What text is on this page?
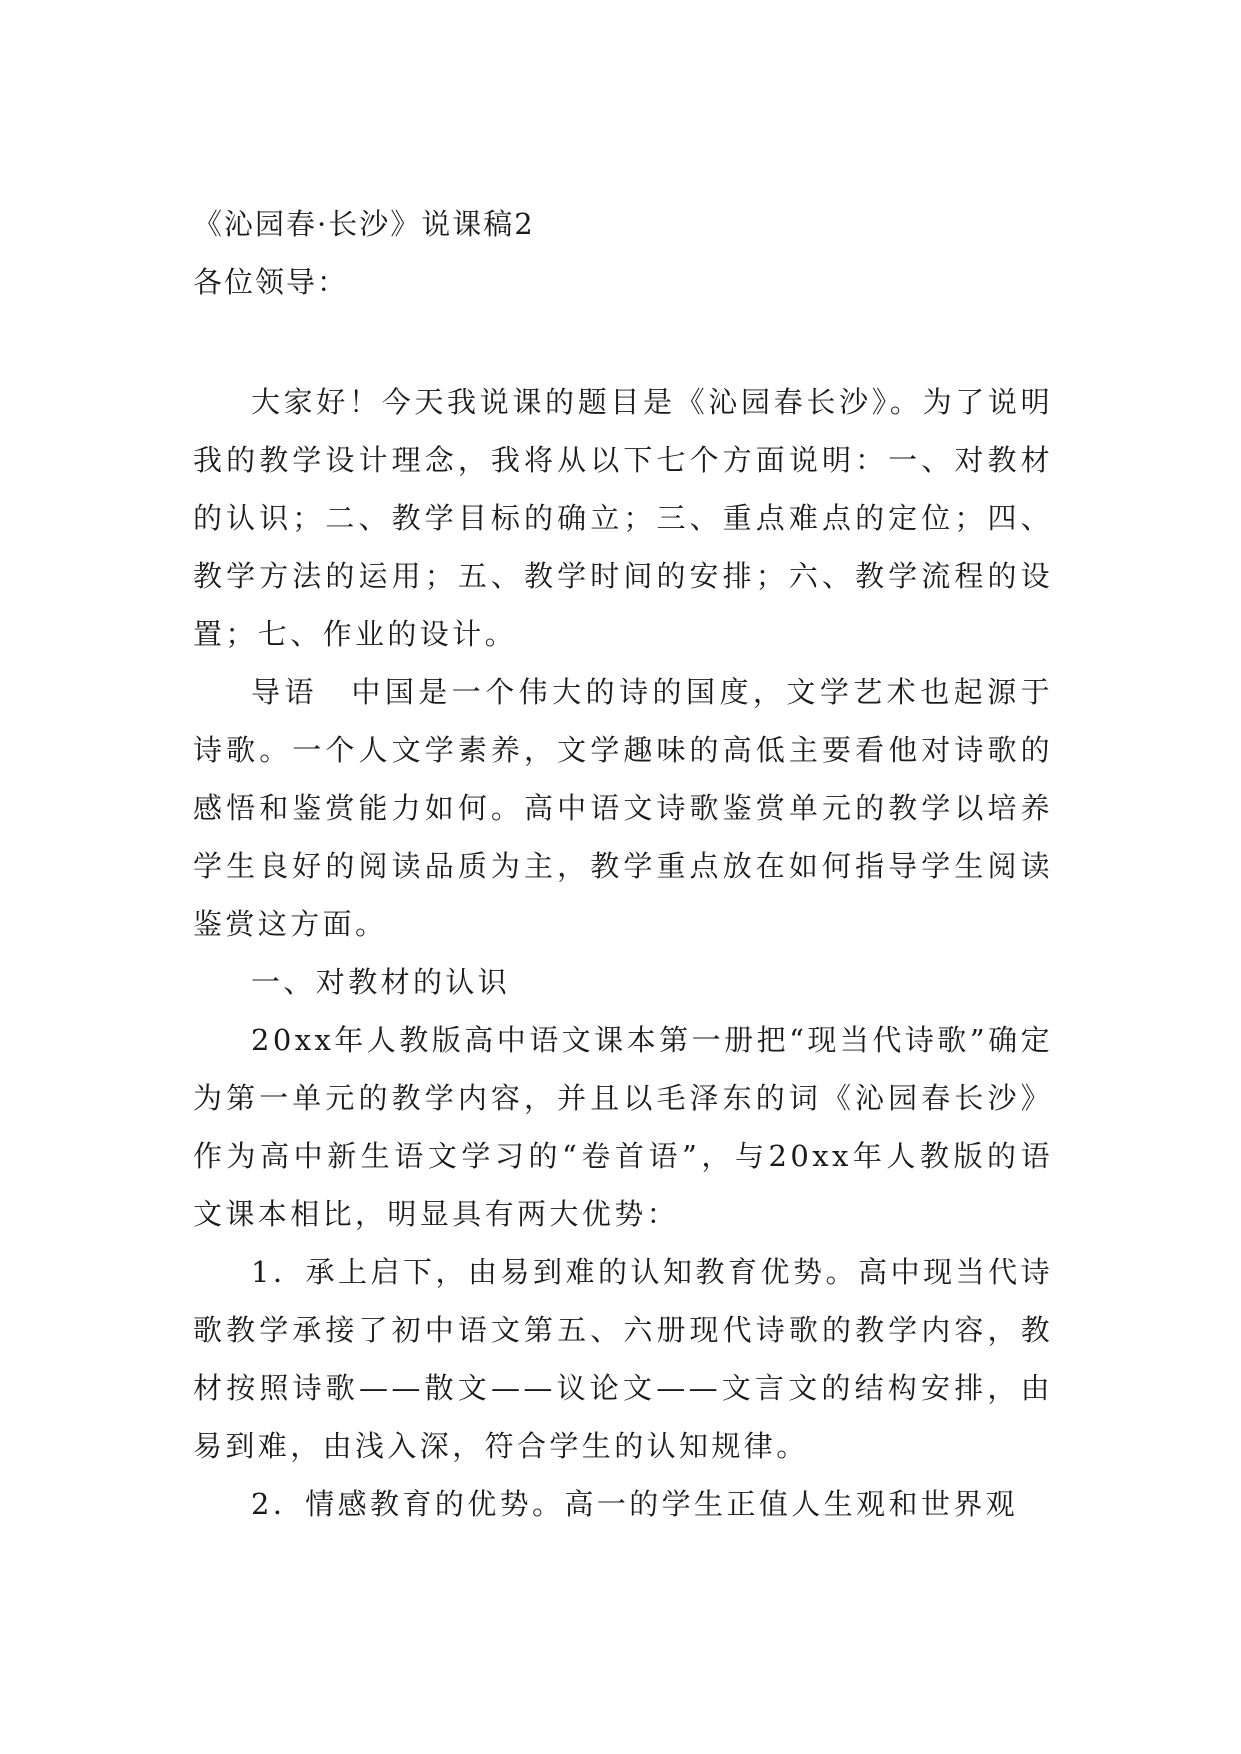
《沁园春·长沙》说课稿2

各位领导：

大家好！今天我说课的题目是《沁园春长沙》。为了说明我的教学设计理念，我将从以下七个方面说明：一、对教材的认识；二、教学目标的确立；三、重点难点的定位；四、教学方法的运用；五、教学时间的安排；六、教学流程的设置；七、作业的设计。

导语　中国是一个伟大的诗的国度，文学艺术也起源于诗歌。一个人文学素养，文学趣味的高低主要看他对诗歌的感悟和鉴赏能力如何。高中语文诗歌鉴赏单元的教学以培养学生良好的阅读品质为主，教学重点放在如何指导学生阅读鉴赏这方面。

一、对教材的认识

20xx年人教版高中语文课本第一册把“现当代诗歌”确定为第一单元的教学内容，并且以毛泽东的词《沁园春长沙》作为高中新生语文学习的“卷首语”，与20xx年人教版的语文课本相比，明显具有两大优势：

1．承上启下，由易到难的认知教育优势。高中现当代诗歌教学承接了初中语文第五、六册现代诗歌的教学内容，教材按照诗歌——散文——议论文——文言文的结构安排，由易到难，由浅入深，符合学生的认知规律。

2．情感教育的优势。高一的学生正值人生观和世界观
